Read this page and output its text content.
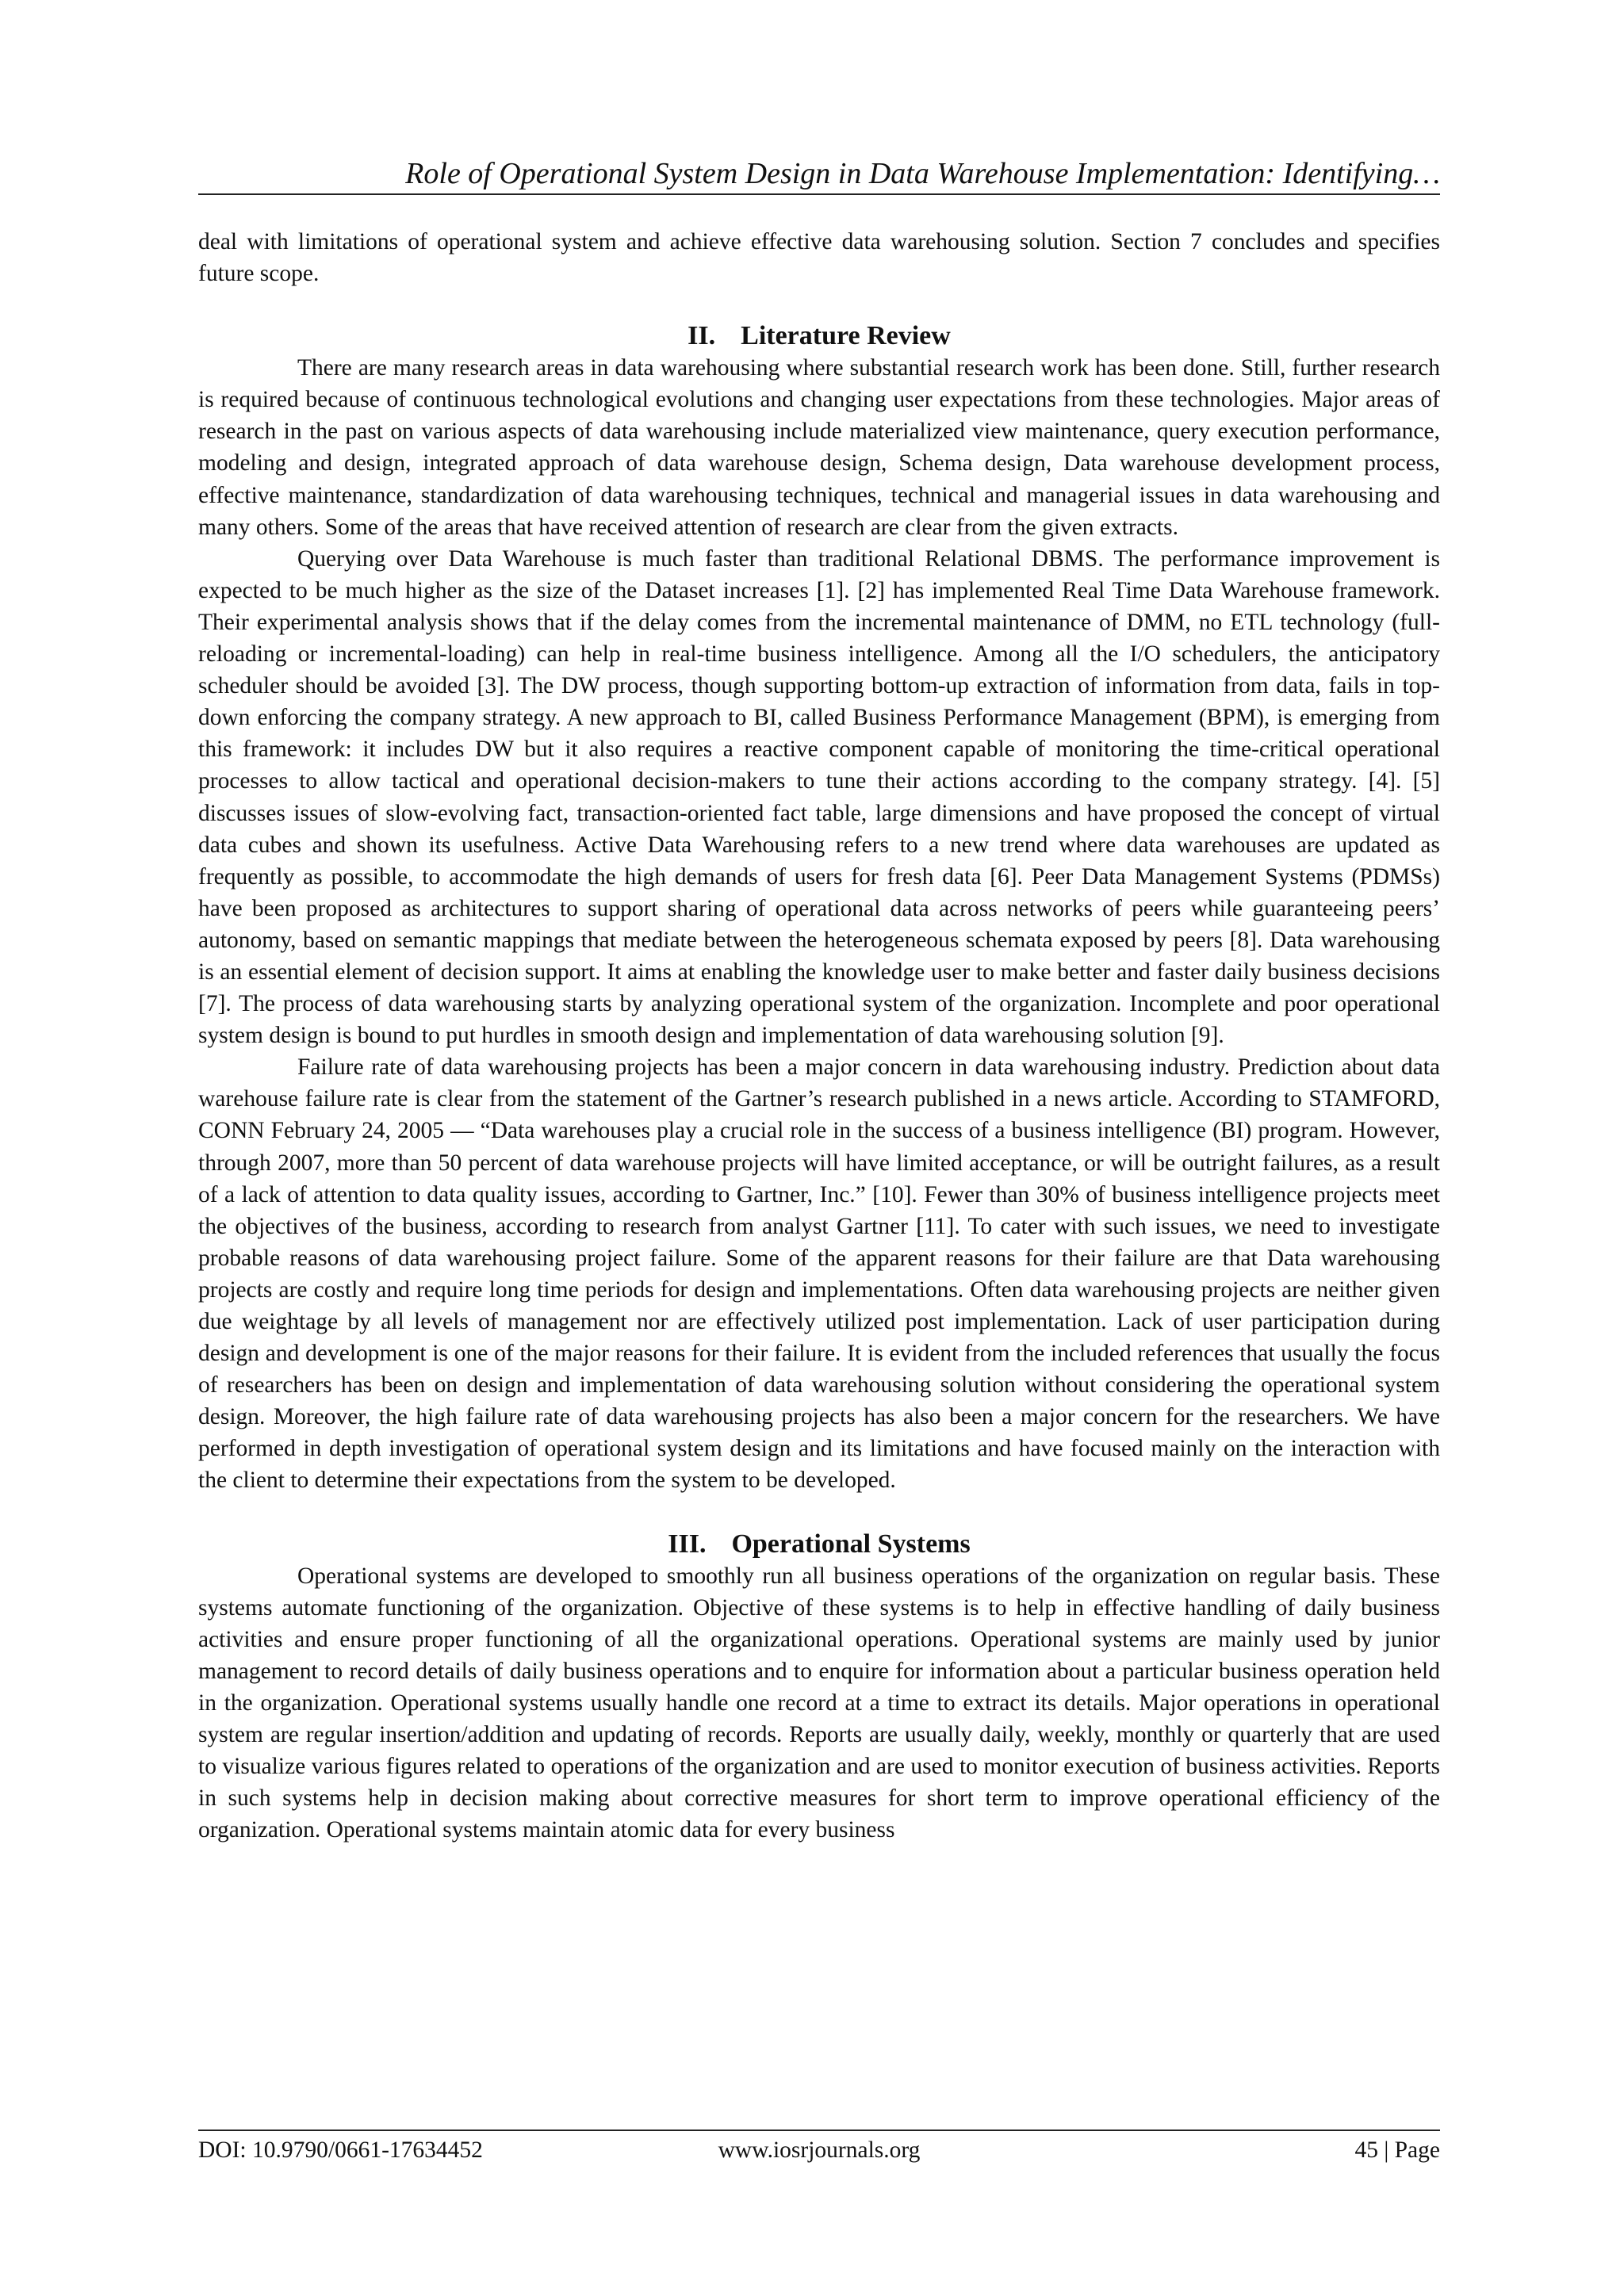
Role of Operational System Design in Data Warehouse Implementation: Identifying…

deal with limitations of operational system and achieve effective data warehousing solution. Section 7 concludes and specifies future scope.

II. Literature Review

There are many research areas in data warehousing where substantial research work has been done. Still, further research is required because of continuous technological evolutions and changing user expectations from these technologies. Major areas of research in the past on various aspects of data warehousing include materialized view maintenance, query execution performance, modeling and design, integrated approach of data warehouse design, Schema design, Data warehouse development process, effective maintenance, standardization of data warehousing techniques, technical and managerial issues in data warehousing and many others. Some of the areas that have received attention of research are clear from the given extracts.

Querying over Data Warehouse is much faster than traditional Relational DBMS. The performance improvement is expected to be much higher as the size of the Dataset increases [1]. [2] has implemented Real Time Data Warehouse framework. Their experimental analysis shows that if the delay comes from the incremental maintenance of DMM, no ETL technology (full-reloading or incremental-loading) can help in real-time business intelligence. Among all the I/O schedulers, the anticipatory scheduler should be avoided [3]. The DW process, though supporting bottom-up extraction of information from data, fails in top-down enforcing the company strategy. A new approach to BI, called Business Performance Management (BPM), is emerging from this framework: it includes DW but it also requires a reactive component capable of monitoring the time-critical operational processes to allow tactical and operational decision-makers to tune their actions according to the company strategy. [4]. [5] discusses issues of slow-evolving fact, transaction-oriented fact table, large dimensions and have proposed the concept of virtual data cubes and shown its usefulness. Active Data Warehousing refers to a new trend where data warehouses are updated as frequently as possible, to accommodate the high demands of users for fresh data [6]. Peer Data Management Systems (PDMSs) have been proposed as architectures to support sharing of operational data across networks of peers while guaranteeing peers’ autonomy, based on semantic mappings that mediate between the heterogeneous schemata exposed by peers [8]. Data warehousing is an essential element of decision support. It aims at enabling the knowledge user to make better and faster daily business decisions [7]. The process of data warehousing starts by analyzing operational system of the organization. Incomplete and poor operational system design is bound to put hurdles in smooth design and implementation of data warehousing solution [9].

Failure rate of data warehousing projects has been a major concern in data warehousing industry. Prediction about data warehouse failure rate is clear from the statement of the Gartner’s research published in a news article. According to STAMFORD, CONN February 24, 2005 — “Data warehouses play a crucial role in the success of a business intelligence (BI) program. However, through 2007, more than 50 percent of data warehouse projects will have limited acceptance, or will be outright failures, as a result of a lack of attention to data quality issues, according to Gartner, Inc.” [10]. Fewer than 30% of business intelligence projects meet the objectives of the business, according to research from analyst Gartner [11]. To cater with such issues, we need to investigate probable reasons of data warehousing project failure. Some of the apparent reasons for their failure are that Data warehousing projects are costly and require long time periods for design and implementations. Often data warehousing projects are neither given due weightage by all levels of management nor are effectively utilized post implementation. Lack of user participation during design and development is one of the major reasons for their failure. It is evident from the included references that usually the focus of researchers has been on design and implementation of data warehousing solution without considering the operational system design. Moreover, the high failure rate of data warehousing projects has also been a major concern for the researchers. We have performed in depth investigation of operational system design and its limitations and have focused mainly on the interaction with the client to determine their expectations from the system to be developed.

III. Operational Systems

Operational systems are developed to smoothly run all business operations of the organization on regular basis. These systems automate functioning of the organization. Objective of these systems is to help in effective handling of daily business activities and ensure proper functioning of all the organizational operations. Operational systems are mainly used by junior management to record details of daily business operations and to enquire for information about a particular business operation held in the organization. Operational systems usually handle one record at a time to extract its details. Major operations in operational system are regular insertion/addition and updating of records. Reports are usually daily, weekly, monthly or quarterly that are used to visualize various figures related to operations of the organization and are used to monitor execution of business activities. Reports in such systems help in decision making about corrective measures for short term to improve operational efficiency of the organization. Operational systems maintain atomic data for every business

DOI: 10.9790/0661-17634452	www.iosrjournals.org	45 | Page
